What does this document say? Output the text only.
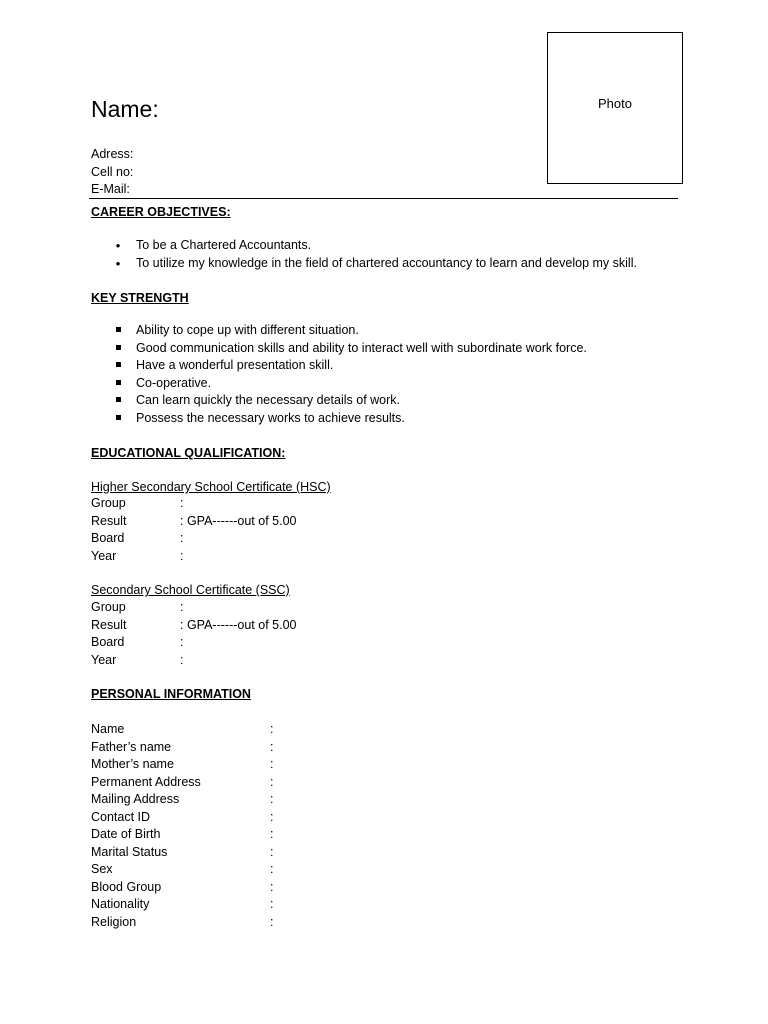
Name:	Photo
Adress:
Cell no:
E-Mail:
CAREER OBJECTIVES:
•
To be a Chartered Accountants.
•
To utilize my knowledge in the field of chartered accountancy to learn and develop my skill.
KEY STRENGTH
Ability to cope up with different situation.
Good communication skills and ability to interact well with subordinate work force.
Have a wonderful presentation skill.
Co-operative.
Can learn quickly the necessary details of work.
Possess the necessary works to achieve results.
EDUCATIONAL QUALIFICATION:
Higher Secondary School Certificate (HSC)
Group	:
Result	: GPA------out of 5.00
Board	:
Year	:
Secondary School Certificate (SSC)
Group	:
Result	: GPA------out of 5.00
Board	:
Year	:
PERSONAL INFORMATION
Name	:
Father’s name	:
Mother’s name	:
Permanent Address	:
Mailing Address	:
Contact ID	:
Date of Birth	:
Marital Status	:
Sex	:
Blood Group	:
Nationality	:
Religion	:
